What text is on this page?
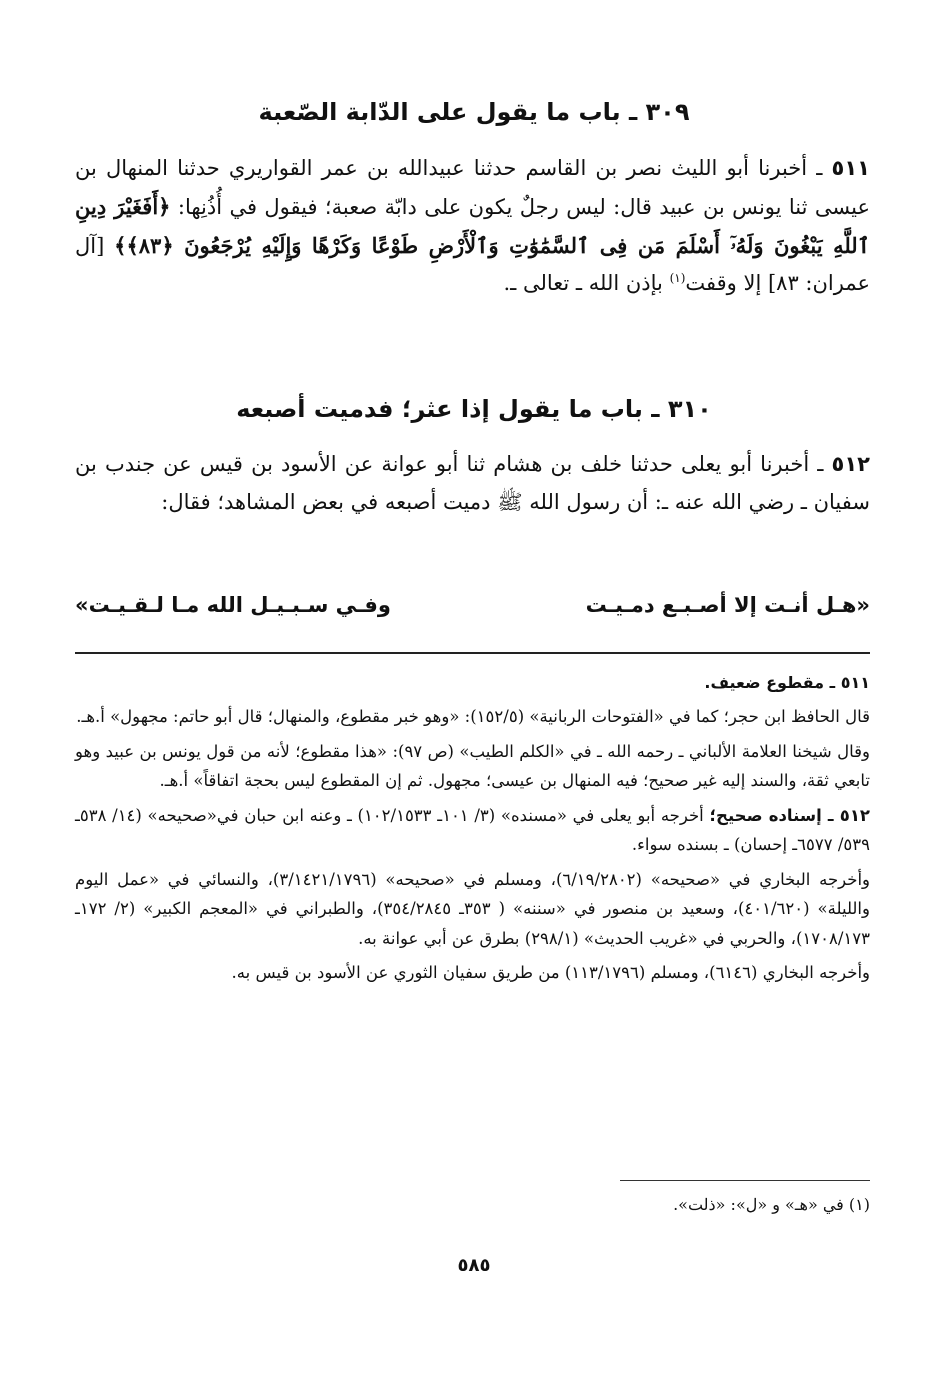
٣٠٩ ـ باب ما يقول على الدّابة الصّعبة

٥١١ ـ أخبرنا أبو الليث نصر بن القاسم حدثنا عبيدالله بن عمر القواريري حدثنا المنهال بن عيسى ثنا يونس بن عبيد قال: ليس رجلٌ يكون على دابّة صعبة؛ فيقول في أُذُنِها: ﴿أَفَغَيْرَ دِينِ ٱللَّهِ يَبْغُونَ وَلَهُۥٓ أَسْلَمَ مَن فِى ٱلسَّمَٰوَٰتِ وَٱلْأَرْضِ طَوْعًا وَكَرْهًا وَإِلَيْهِ يُرْجَعُونَ ﴿٨٣﴾﴾ [آل عمران: ٨٣] إلا وقفت$^{(١)}$ بإذن الله ـ تعالى ـ.

٣١٠ ـ باب ما يقول إذا عثر؛ فدميت أصبعه

٥١٢ ـ أخبرنا أبو يعلى حدثنا خلف بن هشام ثنا أبو عوانة عن الأسود بن قيس عن جندب بن سفيان ـ رضي الله عنه ـ: أن رسول الله ﷺ دميت أصبعه في بعض المشاهد؛ فقال:

«هـل أنـت إلا أصـبـع دمـيـت
وفـي سـبـيـل الله مـا لـقـيـت»

٥١١ ـ مقطوع ضعيف.

قال الحافظ ابن حجر؛ كما في «الفتوحات الربانية» (١٥٢/٥): «وهو خبر مقطوع، والمنهال؛ قال أبو حاتم: مجهول» أ.هـ.

وقال شيخنا العلامة الألباني ـ رحمه الله ـ في «الكلم الطيب» (ص ٩٧): «هذا مقطوع؛ لأنه من قول يونس بن عبيد وهو تابعي ثقة، والسند إليه غير صحيح؛ فيه المنهال بن عيسى؛ مجهول. ثم إن المقطوع ليس بحجة اتفاقاً» أ.هـ.

٥١٢ ـ إسناده صحيح؛ أخرجه أبو يعلى في «مسنده» (٣/ ١٠١ـ ١٠٢/١٥٣٣) ـ وعنه ابن حبان في«صحيحه» (١٤/ ٥٣٨ـ ٥٣٩/ ٦٥٧٧ـ إحسان) ـ بسنده سواء.

وأخرجه البخاري في «صحيحه» (٦/١٩/٢٨٠٢)، ومسلم في «صحيحه» (٣/١٤٢١/١٧٩٦)، والنسائي في «عمل اليوم والليلة» (٤٠١/٦٢٠)، وسعيد بن منصور في «سننه» ( ٣٥٣ـ ٣٥٤/٢٨٤٥)، والطبراني في «المعجم الكبير» (٢/ ١٧٢ـ ١٧٠٨/١٧٣)، والحربي في «غريب الحديث» (٢٩٨/١) بطرق عن أبي عوانة به.

وأخرجه البخاري (٦١٤٦)، ومسلم (١١٣/١٧٩٦) من طريق سفيان الثوري عن الأسود بن قيس به.

(١) في «هـ» و «ل»: «ذلت».

٥٨٥
